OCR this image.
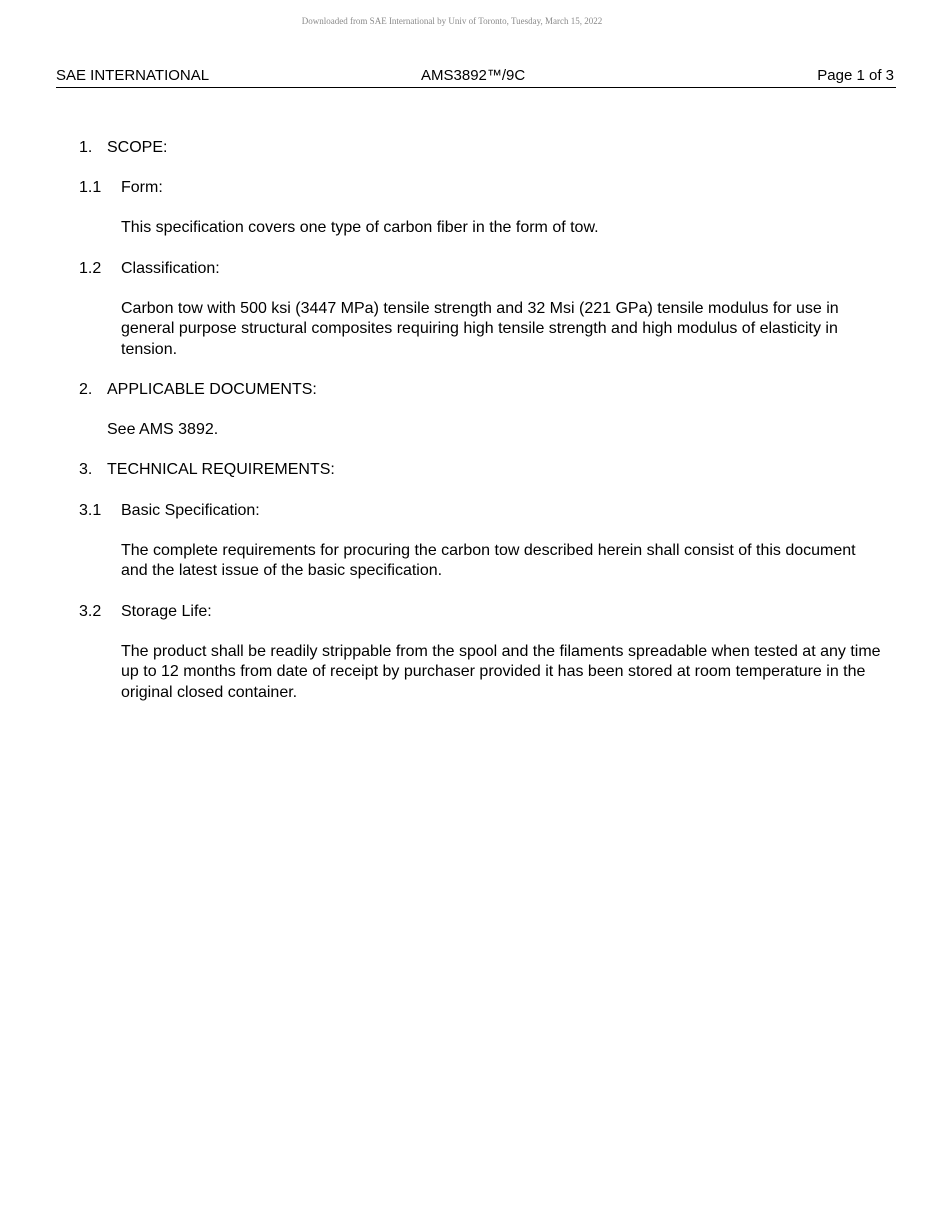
Downloaded from SAE International by Univ of Toronto, Tuesday, March 15, 2022
SAE INTERNATIONAL	AMS3892™/9C	Page 1 of 3
1. SCOPE:
1.1 Form:
This specification covers one type of carbon fiber in the form of tow.
1.2 Classification:
Carbon tow with 500 ksi (3447 MPa) tensile strength and 32 Msi (221 GPa) tensile modulus for use in general purpose structural composites requiring high tensile strength and high modulus of elasticity in tension.
2. APPLICABLE DOCUMENTS:
See AMS 3892.
3. TECHNICAL REQUIREMENTS:
3.1 Basic Specification:
The complete requirements for procuring the carbon tow described herein shall consist of this document and the latest issue of the basic specification.
3.2 Storage Life:
The product shall be readily strippable from the spool and the filaments spreadable when tested at any time up to 12 months from date of receipt by purchaser provided it has been stored at room temperature in the original closed container.
